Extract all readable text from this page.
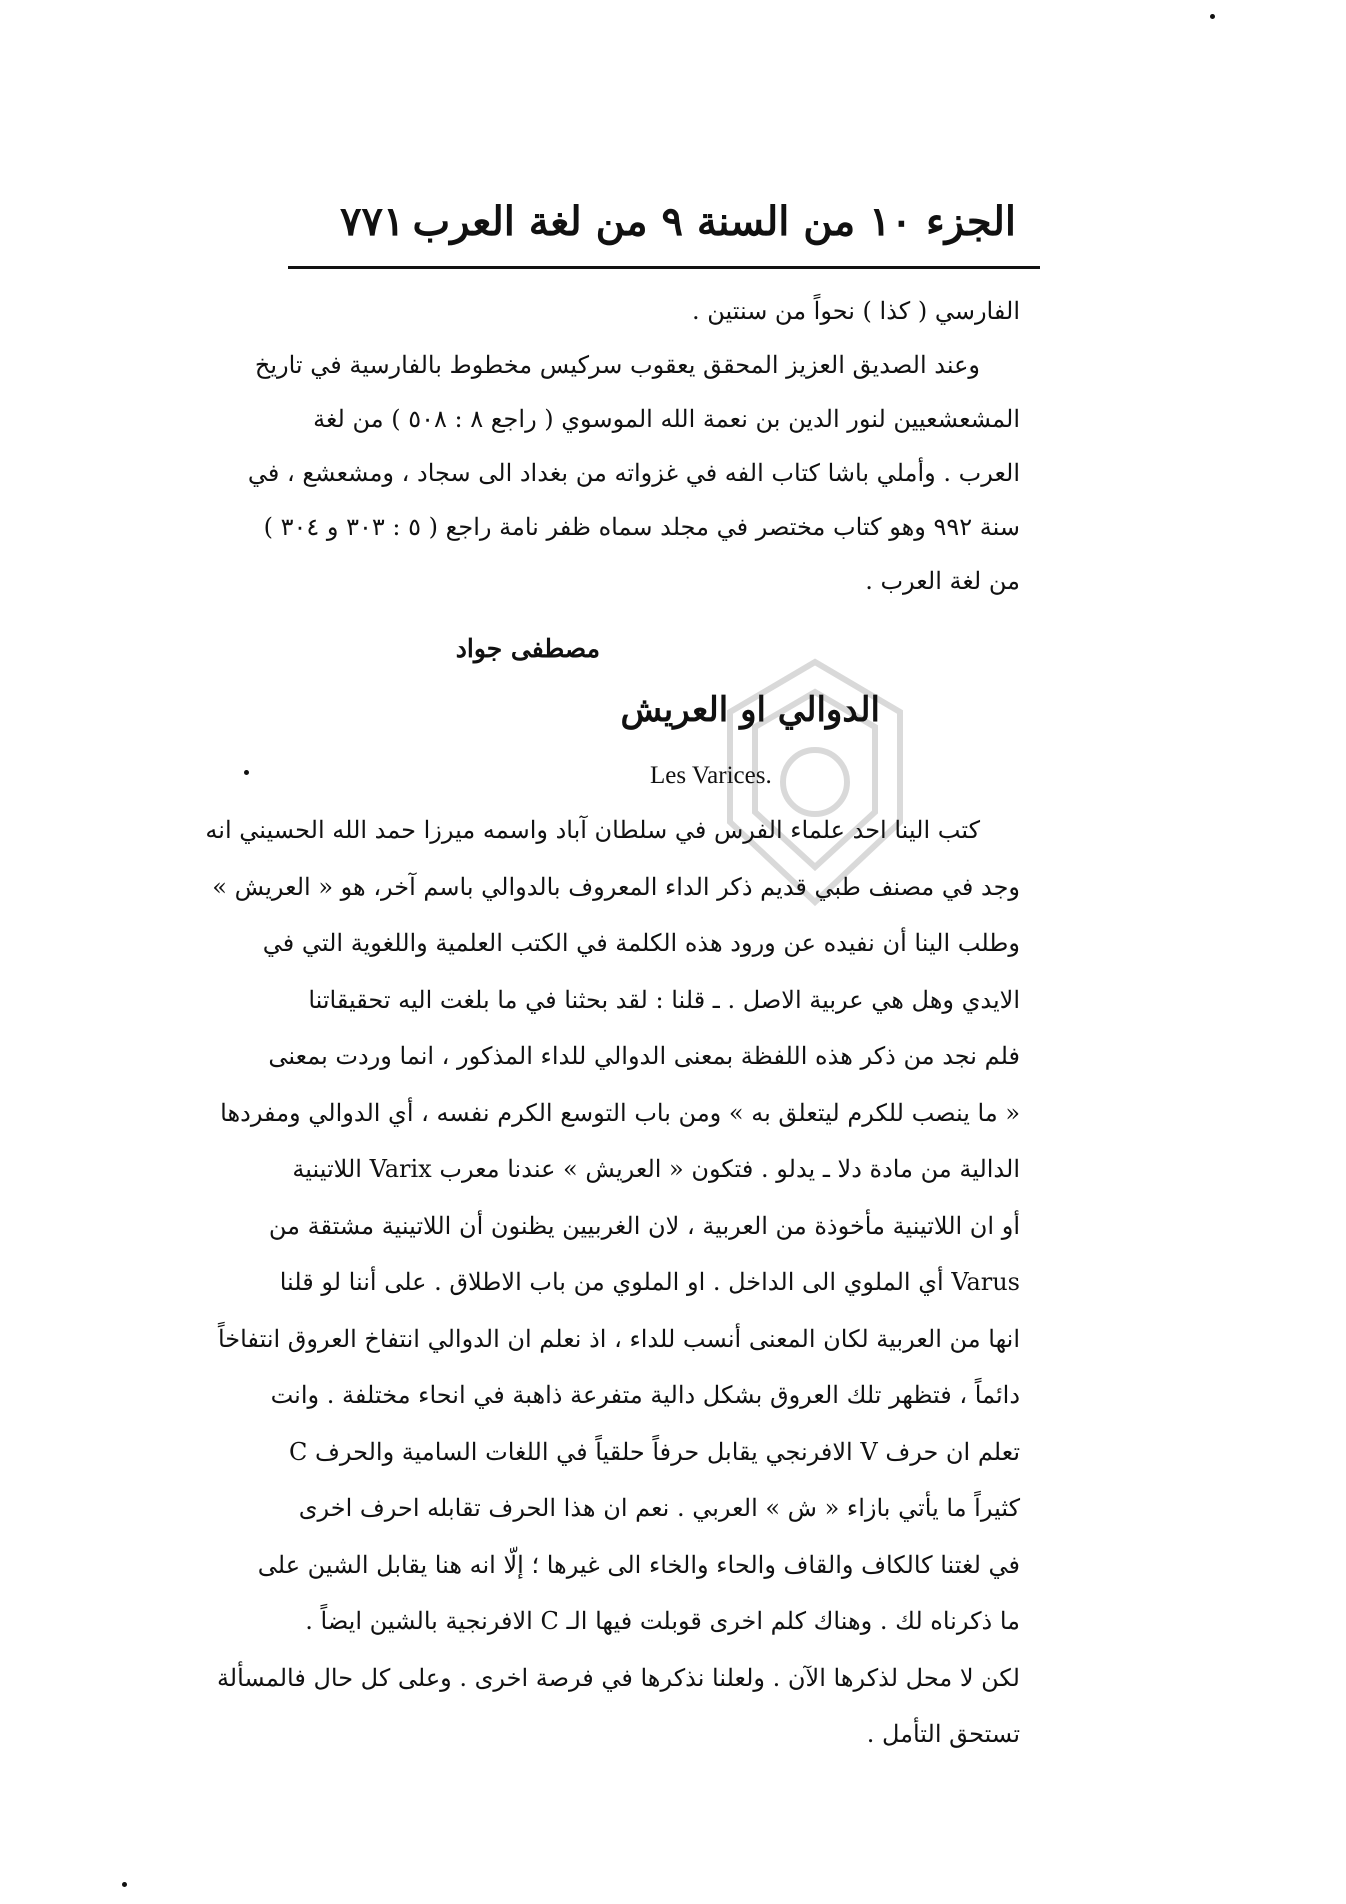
الجزء ١٠ من السنة ٩ من لغة العرب
٧٧١
الفارسي ( كذا ) نحواً من سنتين .
وعند الصديق العزيز المحقق يعقوب سركيس مخطوط بالفارسية في تاريخ
المشعشعيين لنور الدين بن نعمة الله الموسوي ( راجع ٨ : ٥٠٨ ) من لغة
العرب . وأملي باشا كتاب الفه في غزواته من بغداد الى سجاد ، ومشعشع ، في
سنة ٩٩٢ وهو كتاب مختصر في مجلد سماه ظفر نامة راجع ( ٥ : ٣٠٣ و ٣٠٤ )
من لغة العرب .
مصطفى جواد
الدوالي او العريش
Les Varices.
كتب الينا احد علماء الفرس في سلطان آباد واسمه ميرزا حمد الله الحسيني انه
وجد في مصنف طبي قديم ذكر الداء المعروف بالدوالي باسم آخر، هو « العريش »
وطلب الينا أن نفيده عن ورود هذه الكلمة في الكتب العلمية واللغوية التي في
الايدي وهل هي عربية الاصل . ـ قلنا : لقد بحثنا في ما بلغت اليه تحقيقاتنا
فلم نجد من ذكر هذه اللفظة بمعنى الدوالي للداء المذكور ، انما وردت بمعنى
« ما ينصب للكرم ليتعلق به » ومن باب التوسع الكرم نفسه ، أي الدوالي ومفردها
الدالية من مادة دلا ـ يدلو . فتكون « العريش » عندنا معرب Varix اللاتينية
أو ان اللاتينية مأخوذة من العربية ، لان الغربيين يظنون أن اللاتينية مشتقة من
Varus أي الملوي الى الداخل . او الملوي من باب الاطلاق . على أننا لو قلنا
انها من العربية لكان المعنى أنسب للداء ، اذ نعلم ان الدوالي انتفاخ العروق انتفاخاً
دائماً ، فتظهر تلك العروق بشكل دالية متفرعة ذاهبة في انحاء مختلفة . وانت
تعلم ان حرف V الافرنجي يقابل حرفاً حلقياً في اللغات السامية والحرف C
كثيراً ما يأتي بازاء « ش » العربي . نعم ان هذا الحرف تقابله احرف اخرى
في لغتنا كالكاف والقاف والحاء والخاء الى غيرها ؛ إلّا انه هنا يقابل الشين على
ما ذكرناه لك . وهناك كلم اخرى قوبلت فيها الـ C الافرنجية بالشين ايضاً .
لكن لا محل لذكرها الآن . ولعلنا نذكرها في فرصة اخرى . وعلى كل حال فالمسألة
تستحق التأمل .
